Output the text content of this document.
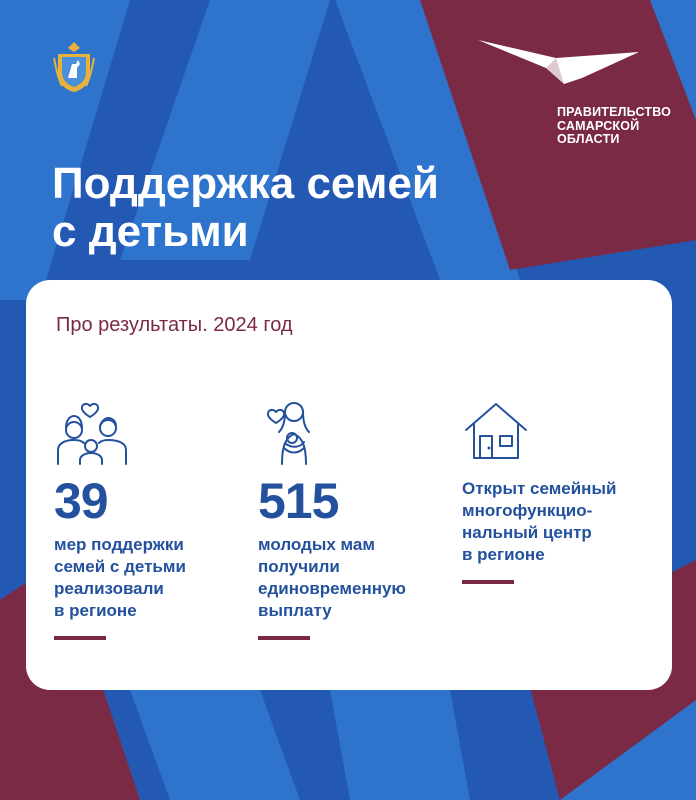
ПРАВИТЕЛЬСТВО
САМАРСКОЙ
ОБЛАСТИ
Поддержка семей
с детьми
Про результаты. 2024 год
39
мер поддержки
семей с детьми
реализовали
в регионе
515
молодых мам
получили
единовременную
выплату
Открыт семейный
многофункцио-
нальный центр
в регионе
